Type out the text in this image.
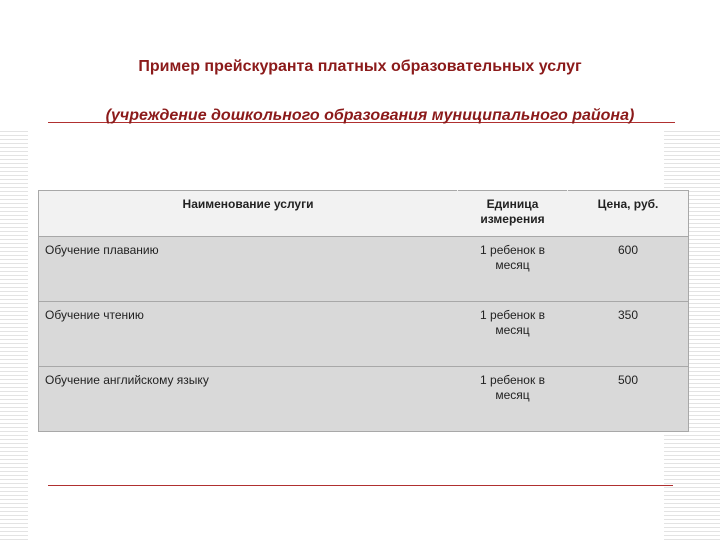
Пример прейскуранта платных образовательных услуг
(учреждение дошкольного образования муниципального района)
Наименование услуги	Единица измерения	Цена, руб.
Обучение плаванию	1 ребенок в месяц	600
Обучение чтению	1 ребенок в месяц	350
Обучение английскому языку	1 ребенок в месяц	500
